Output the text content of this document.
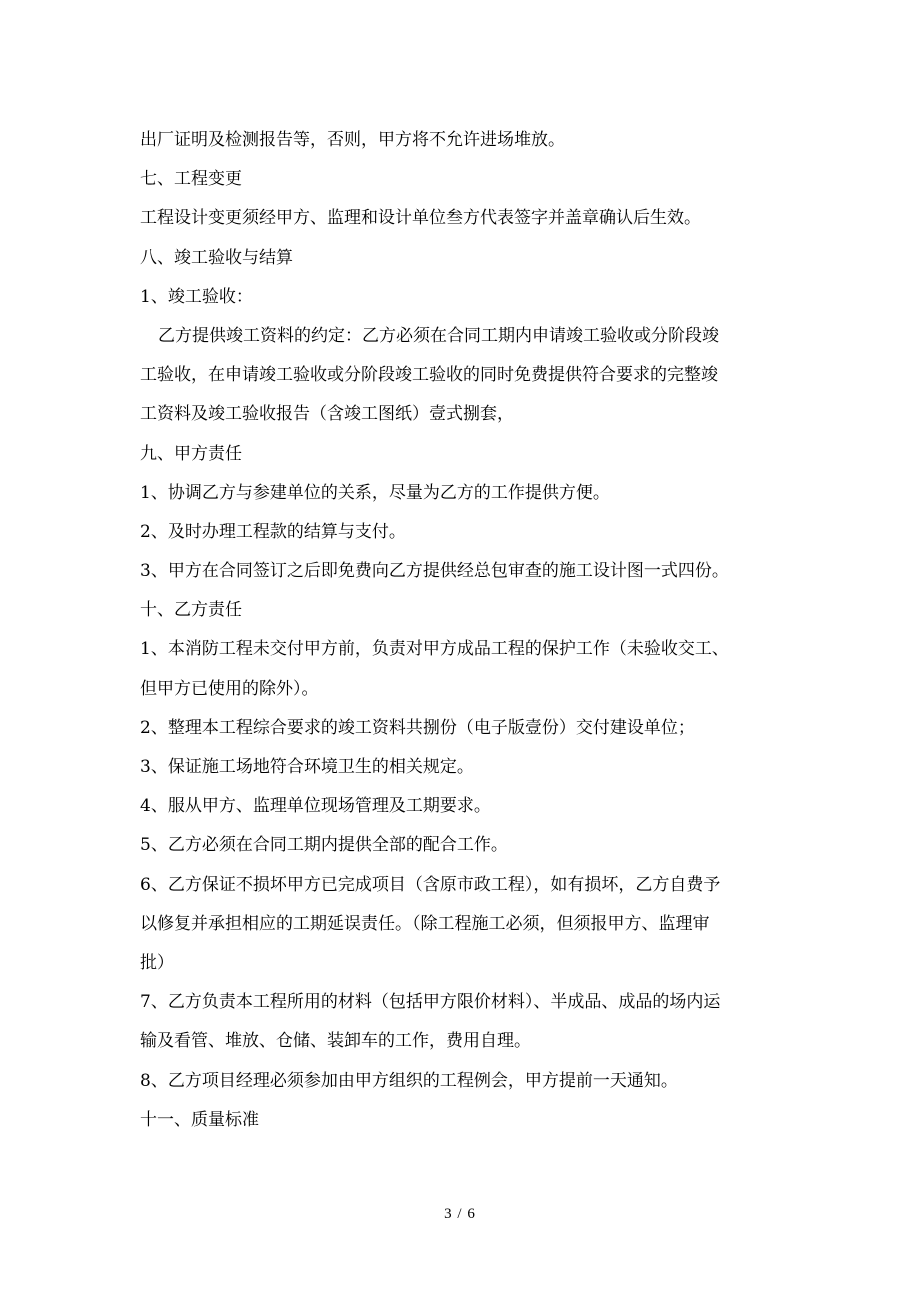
出厂证明及检测报告等，否则，甲方将不允许进场堆放。
七、工程变更
工程设计变更须经甲方、监理和设计单位叁方代表签字并盖章确认后生效。
八、竣工验收与结算
1、竣工验收：
乙方提供竣工资料的约定：乙方必须在合同工期内申请竣工验收或分阶段竣
工验收，在申请竣工验收或分阶段竣工验收的同时免费提供符合要求的完整竣
工资料及竣工验收报告（含竣工图纸）壹式捌套，
九、甲方责任
1、协调乙方与参建单位的关系，尽量为乙方的工作提供方便。
2、及时办理工程款的结算与支付。
3、甲方在合同签订之后即免费向乙方提供经总包审查的施工设计图一式四份。
十、乙方责任
1、本消防工程未交付甲方前，负责对甲方成品工程的保护工作（未验收交工、
但甲方已使用的除外）。
2、整理本工程综合要求的竣工资料共捌份（电子版壹份）交付建设单位；
3、保证施工场地符合环境卫生的相关规定。
4、服从甲方、监理单位现场管理及工期要求。
5、乙方必须在合同工期内提供全部的配合工作。
6、乙方保证不损坏甲方已完成项目（含原市政工程），如有损坏，乙方自费予
以修复并承担相应的工期延误责任。（除工程施工必须，但须报甲方、监理审
批）
7、乙方负责本工程所用的材料（包括甲方限价材料）、半成品、成品的场内运
输及看管、堆放、仓储、装卸车的工作，费用自理。
8、乙方项目经理必须参加由甲方组织的工程例会，甲方提前一天通知。
十一、质量标准
3 / 6
